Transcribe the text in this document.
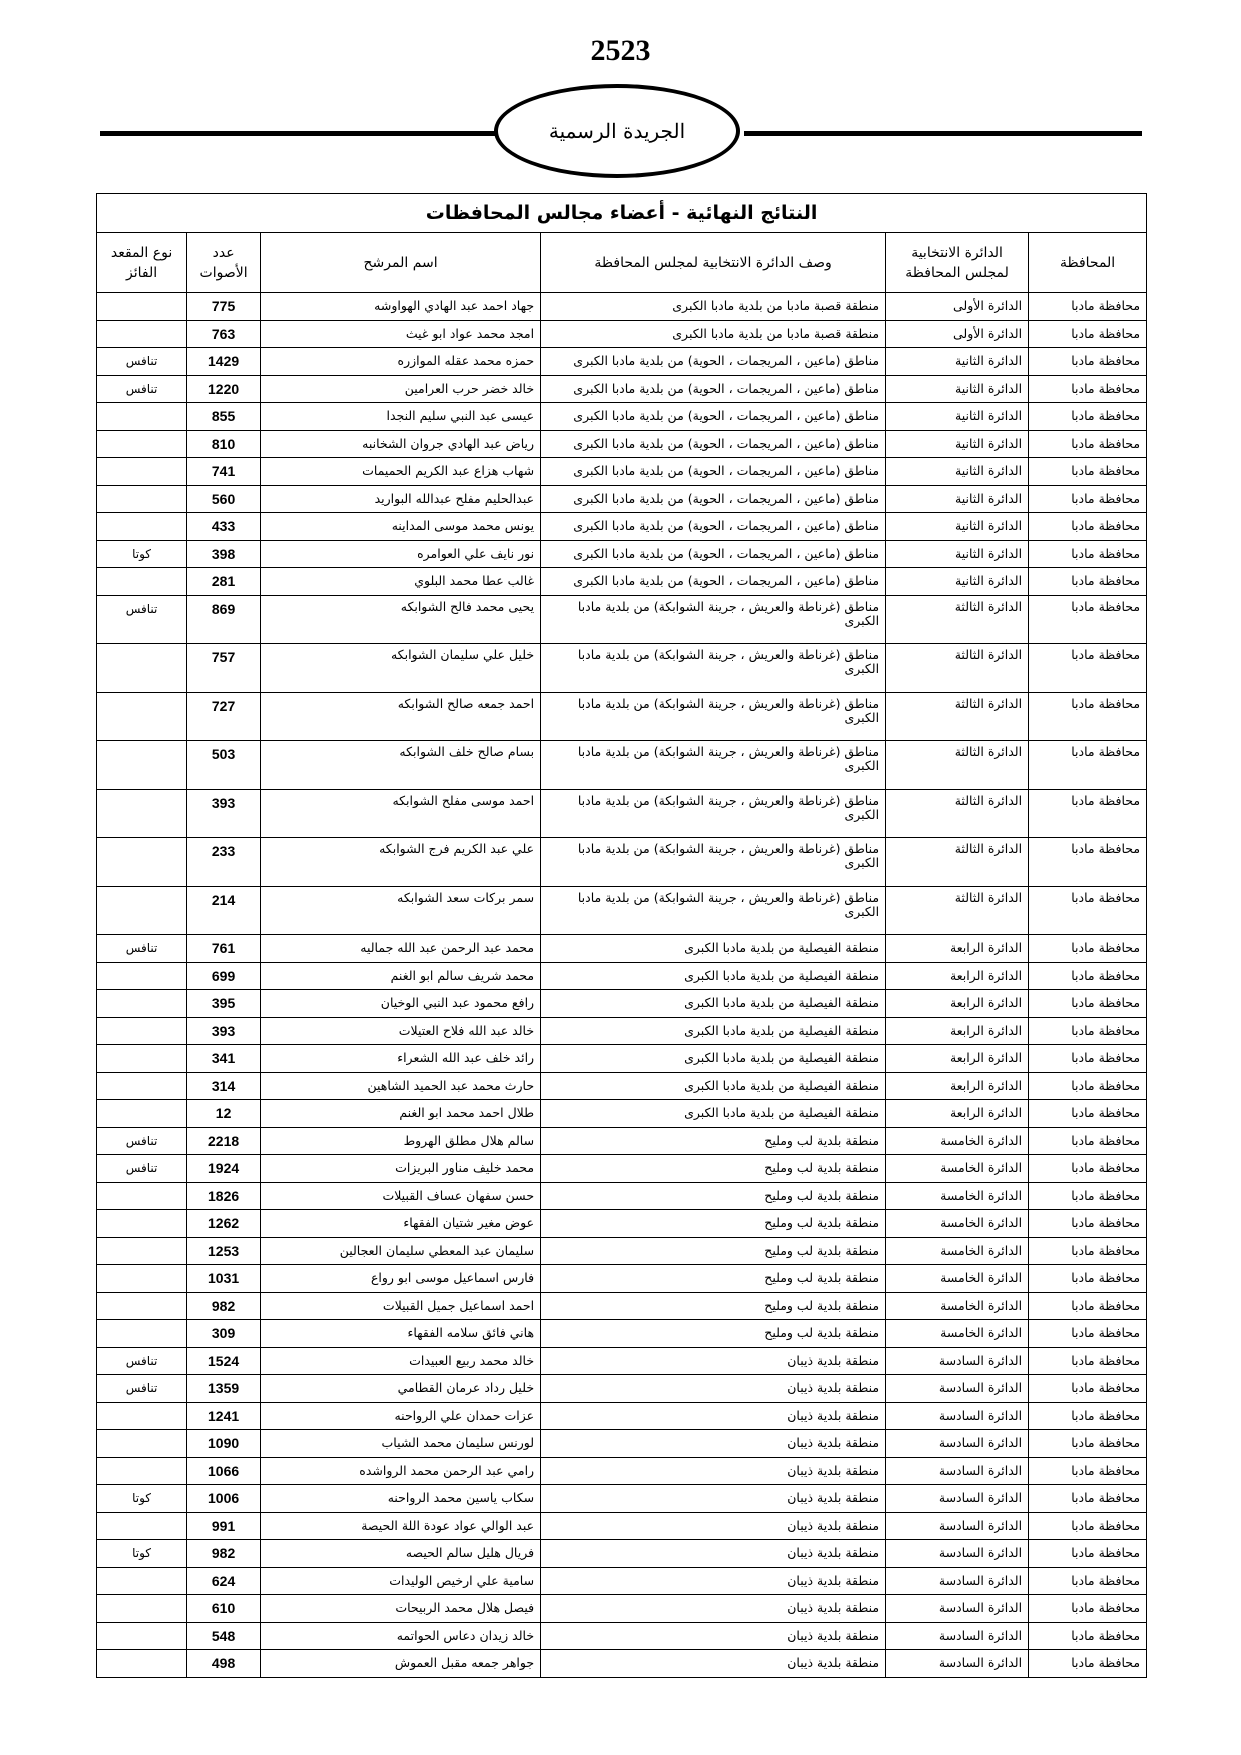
2523
الجريدة الرسمية
النتائج النهائية - أعضاء مجالس المحافظات					
المحافظة	الدائرة الانتخابية لمجلس المحافظة	وصف الدائرة الانتخابية لمجلس المحافظة	اسم المرشح	عدد الأصوات	نوع المقعد الفائز
محافظة مادبا	الدائرة الأولى	منطقة قصبة مادبا من بلدية مادبا الكبرى	جهاد احمد عبد الهادي الهواوشه	775	
محافظة مادبا	الدائرة الأولى	منطقة قصبة مادبا من بلدية مادبا الكبرى	امجد محمد عواد ابو غيث	763	
محافظة مادبا	الدائرة الثانية	مناطق (ماعين ، المريجمات ، الحوية) من بلدية مادبا الكبرى	حمزه محمد عقله الموازره	1429	تنافس
محافظة مادبا	الدائرة الثانية	مناطق (ماعين ، المريجمات ، الحوية) من بلدية مادبا الكبرى	خالد خضر حرب العرامين	1220	تنافس
محافظة مادبا	الدائرة الثانية	مناطق (ماعين ، المريجمات ، الحوية) من بلدية مادبا الكبرى	عيسى عبد النبي سليم النجدا	855	
محافظة مادبا	الدائرة الثانية	مناطق (ماعين ، المريجمات ، الحوية) من بلدية مادبا الكبرى	رياض عبد الهادي جروان الشخانبه	810	
محافظة مادبا	الدائرة الثانية	مناطق (ماعين ، المريجمات ، الحوية) من بلدية مادبا الكبرى	شهاب هزاع عبد الكريم الحميمات	741	
محافظة مادبا	الدائرة الثانية	مناطق (ماعين ، المريجمات ، الحوية) من بلدية مادبا الكبرى	عبدالحليم مفلح عبدالله البواريد	560	
محافظة مادبا	الدائرة الثانية	مناطق (ماعين ، المريجمات ، الحوية) من بلدية مادبا الكبرى	يونس محمد موسى المداينه	433	
محافظة مادبا	الدائرة الثانية	مناطق (ماعين ، المريجمات ، الحوية) من بلدية مادبا الكبرى	نور نايف علي العوامره	398	كوتا
محافظة مادبا	الدائرة الثانية	مناطق (ماعين ، المريجمات ، الحوية) من بلدية مادبا الكبرى	غالب عطا محمد البلوي	281	
محافظة مادبا	الدائرة الثالثة	مناطق (غرناطة والعريش ، جرينة الشوابكة) من بلدية مادبا الكبرى	يحيى محمد فالح الشوابكه	869	تنافس
محافظة مادبا	الدائرة الثالثة	مناطق (غرناطة والعريش ، جرينة الشوابكة) من بلدية مادبا الكبرى	خليل علي سليمان الشوابكه	757	
محافظة مادبا	الدائرة الثالثة	مناطق (غرناطة والعريش ، جرينة الشوابكة) من بلدية مادبا الكبرى	احمد جمعه صالح الشوابكه	727	
محافظة مادبا	الدائرة الثالثة	مناطق (غرناطة والعريش ، جرينة الشوابكة) من بلدية مادبا الكبرى	بسام صالح خلف الشوابكه	503	
محافظة مادبا	الدائرة الثالثة	مناطق (غرناطة والعريش ، جرينة الشوابكة) من بلدية مادبا الكبرى	احمد موسى مفلح الشوابكه	393	
محافظة مادبا	الدائرة الثالثة	مناطق (غرناطة والعريش ، جرينة الشوابكة) من بلدية مادبا الكبرى	علي عبد الكريم فرج الشوابكه	233	
محافظة مادبا	الدائرة الثالثة	مناطق (غرناطة والعريش ، جرينة الشوابكة) من بلدية مادبا الكبرى	سمر بركات سعد الشوابكه	214	
محافظة مادبا	الدائرة الرابعة	منطقة الفيصلية من بلدية مادبا الكبرى	محمد عبد الرحمن عبد الله جماليه	761	تنافس
محافظة مادبا	الدائرة الرابعة	منطقة الفيصلية من بلدية مادبا الكبرى	محمد شريف سالم ابو الغنم	699	
محافظة مادبا	الدائرة الرابعة	منطقة الفيصلية من بلدية مادبا الكبرى	رافع محمود عبد النبي الوخيان	395	
محافظة مادبا	الدائرة الرابعة	منطقة الفيصلية من بلدية مادبا الكبرى	خالد عبد الله فلاح العتيلات	393	
محافظة مادبا	الدائرة الرابعة	منطقة الفيصلية من بلدية مادبا الكبرى	رائد خلف عبد الله الشعراء	341	
محافظة مادبا	الدائرة الرابعة	منطقة الفيصلية من بلدية مادبا الكبرى	حارث محمد عبد الحميد الشاهين	314	
محافظة مادبا	الدائرة الرابعة	منطقة الفيصلية من بلدية مادبا الكبرى	طلال احمد محمد ابو الغنم	12	
محافظة مادبا	الدائرة الخامسة	منطقة بلدية لب ومليح	سالم هلال مطلق الهروط	2218	تنافس
محافظة مادبا	الدائرة الخامسة	منطقة بلدية لب ومليح	محمد خليف مناور البريزات	1924	تنافس
محافظة مادبا	الدائرة الخامسة	منطقة بلدية لب ومليح	حسن سفهان عساف القبيلات	1826	
محافظة مادبا	الدائرة الخامسة	منطقة بلدية لب ومليح	عوض مغير شتيان الفقهاء	1262	
محافظة مادبا	الدائرة الخامسة	منطقة بلدية لب ومليح	سليمان عبد المعطي سليمان العجالين	1253	
محافظة مادبا	الدائرة الخامسة	منطقة بلدية لب ومليح	فارس اسماعيل موسى ابو رواع	1031	
محافظة مادبا	الدائرة الخامسة	منطقة بلدية لب ومليح	احمد اسماعيل جميل القبيلات	982	
محافظة مادبا	الدائرة الخامسة	منطقة بلدية لب ومليح	هاني فائق سلامه الفقهاء	309	
محافظة مادبا	الدائرة السادسة	منطقة بلدية ذيبان	خالد محمد ربيع العبيدات	1524	تنافس
محافظة مادبا	الدائرة السادسة	منطقة بلدية ذيبان	خليل رداد عرمان القطامي	1359	تنافس
محافظة مادبا	الدائرة السادسة	منطقة بلدية ذيبان	عزات حمدان علي الرواحنه	1241	
محافظة مادبا	الدائرة السادسة	منطقة بلدية ذيبان	لورنس سليمان محمد الشياب	1090	
محافظة مادبا	الدائرة السادسة	منطقة بلدية ذيبان	رامي عبد الرحمن محمد الرواشده	1066	
محافظة مادبا	الدائرة السادسة	منطقة بلدية ذيبان	سكاب ياسين محمد الرواحنه	1006	كوتا
محافظة مادبا	الدائرة السادسة	منطقة بلدية ذيبان	عبد الوالي عواد عودة اللة الحيصة	991	
محافظة مادبا	الدائرة السادسة	منطقة بلدية ذيبان	فريال هليل سالم الحيصه	982	كوتا
محافظة مادبا	الدائرة السادسة	منطقة بلدية ذيبان	سامية علي ارخيص الوليدات	624	
محافظة مادبا	الدائرة السادسة	منطقة بلدية ذيبان	فيصل هلال محمد الربيحات	610	
محافظة مادبا	الدائرة السادسة	منطقة بلدية ذيبان	خالد زيدان دعاس الحواتمه	548	
محافظة مادبا	الدائرة السادسة	منطقة بلدية ذيبان	جواهر جمعه مقبل العموش	498	
